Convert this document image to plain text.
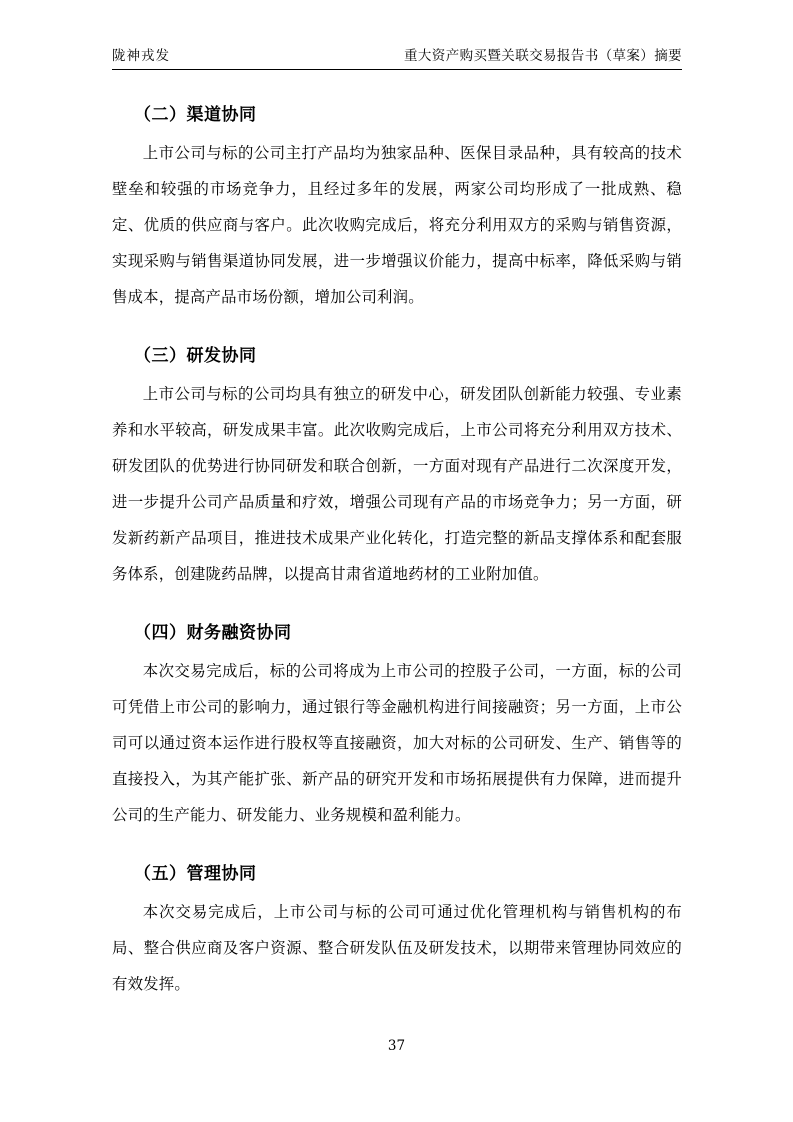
陇神戎发	重大资产购买暨关联交易报告书（草案）摘要
（二）渠道协同

上市公司与标的公司主打产品均为独家品种、医保目录品种，具有较高的技术壁垒和较强的市场竞争力，且经过多年的发展，两家公司均形成了一批成熟、稳定、优质的供应商与客户。此次收购完成后，将充分利用双方的采购与销售资源，实现采购与销售渠道协同发展，进一步增强议价能力，提高中标率，降低采购与销售成本，提高产品市场份额，增加公司利润。

（三）研发协同

上市公司与标的公司均具有独立的研发中心，研发团队创新能力较强、专业素养和水平较高，研发成果丰富。此次收购完成后，上市公司将充分利用双方技术、研发团队的优势进行协同研发和联合创新，一方面对现有产品进行二次深度开发，进一步提升公司产品质量和疗效，增强公司现有产品的市场竞争力；另一方面，研发新药新产品项目，推进技术成果产业化转化，打造完整的新品支撑体系和配套服务体系，创建陇药品牌，以提高甘肃省道地药材的工业附加值。

（四）财务融资协同

本次交易完成后，标的公司将成为上市公司的控股子公司，一方面，标的公司可凭借上市公司的影响力，通过银行等金融机构进行间接融资；另一方面，上市公司可以通过资本运作进行股权等直接融资，加大对标的公司研发、生产、销售等的直接投入，为其产能扩张、新产品的研究开发和市场拓展提供有力保障，进而提升公司的生产能力、研发能力、业务规模和盈利能力。

（五）管理协同

本次交易完成后，上市公司与标的公司可通过优化管理机构与销售机构的布局、整合供应商及客户资源、整合研发队伍及研发技术，以期带来管理协同效应的有效发挥。

37
